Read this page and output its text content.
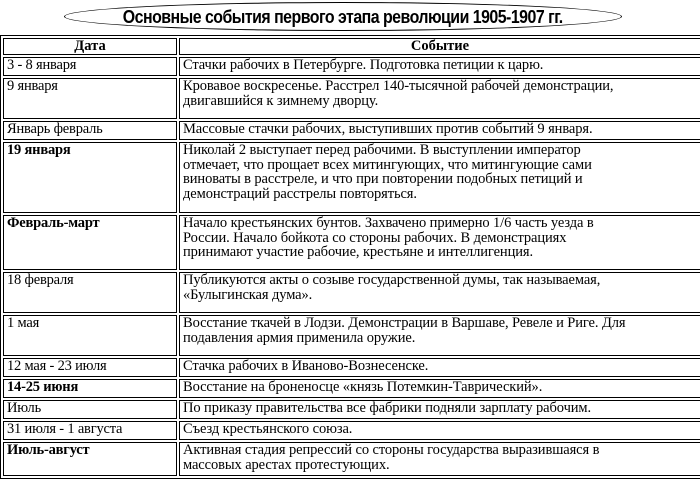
Основные события первого этапа революции 1905-1907 гг.
Дата	Событие
3 - 8 января	Стачки рабочих в Петербурге. Подготовка петиции к царю.

9 января	Кровавое воскресенье. Расстрел 140-тысячной рабочей демонстрации,
двигавшийся к зимнему дворцу.

Январь февраль	Массовые стачки рабочих, выступивших против событий 9 января.

19 января	Николай 2 выступает перед рабочими. В выступлении император
отмечает, что прощает всех митингующих, что митингующие сами
виноваты в расстреле, и что при повторении подобных петиций и
демонстраций расстрелы повторяться.

Февраль-март	Начало крестьянских бунтов. Захвачено примерно 1/6 часть уезда в
России. Начало бойкота со стороны рабочих. В демонстрациях
принимают участие рабочие, крестьяне и интеллигенция.

18 февраля	Публикуются акты о созыве государственной думы, так называемая,
«Булыгинская дума».

1 мая	Восстание ткачей в Лодзи. Демонстрации в Варшаве, Ревеле и Риге. Для
подавления армия применила оружие.

12 мая - 23 июля	Стачка рабочих в Иваново-Вознесенске.

14-25 июня	Восстание на броненосце «князь Потемкин-Таврический».

Июль	По приказу правительства все фабрики подняли зарплату рабочим.

31 июля - 1 августа	Съезд крестьянского союза.

Июль-август	Активная стадия репрессий со стороны государства выразившаяся в
массовых арестах протестующих.
